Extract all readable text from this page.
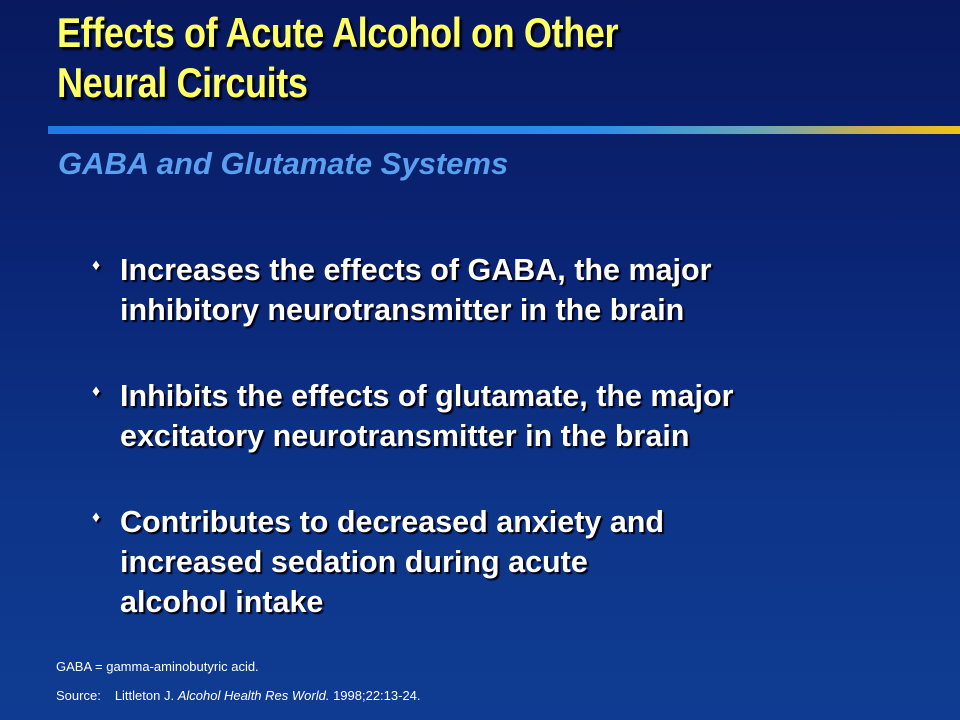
Effects of Acute Alcohol on Other
Neural Circuits
GABA and Glutamate Systems
♦ Increases the effects of GABA, the major
inhibitory neurotransmitter in the brain
♦ Inhibits the effects of glutamate, the major
excitatory neurotransmitter in the brain
♦ Contributes to decreased anxiety and
increased sedation during acute
alcohol intake

GABA = gamma-aminobutyric acid.

Source: Littleton J. Alcohol Health Res World. 1998;22:13-24.
